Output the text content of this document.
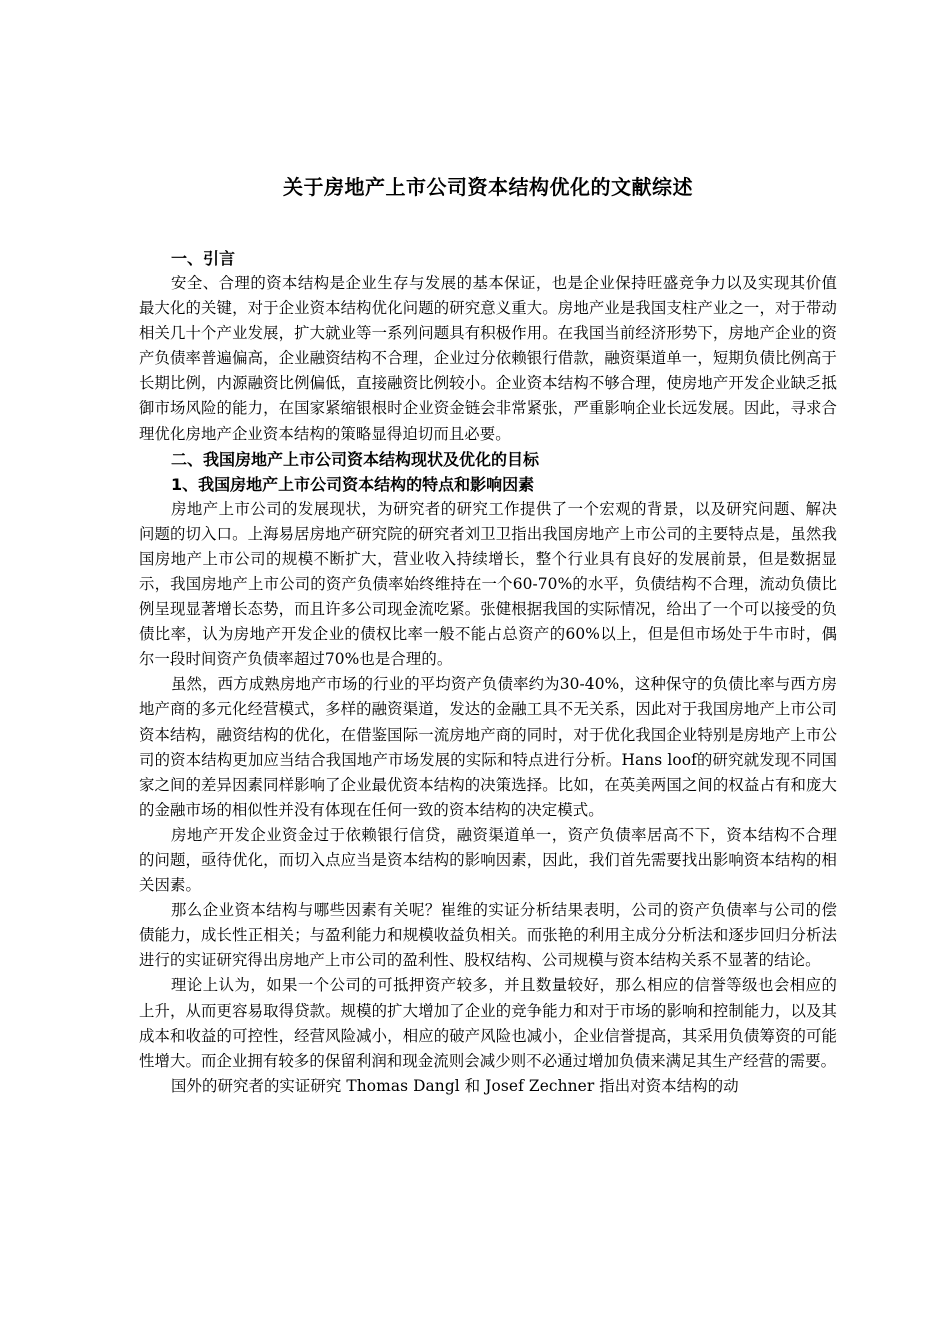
关于房地产上市公司资本结构优化的文献综述

一、引言

安全、合理的资本结构是企业生存与发展的基本保证，也是企业保持旺盛竞争力以及实现其价值最大化的关键，对于企业资本结构优化问题的研究意义重大。房地产业是我国支柱产业之一，对于带动相关几十个产业发展，扩大就业等一系列问题具有积极作用。在我国当前经济形势下，房地产企业的资产负债率普遍偏高，企业融资结构不合理，企业过分依赖银行借款，融资渠道单一，短期负债比例高于长期比例，内源融资比例偏低，直接融资比例较小。企业资本结构不够合理，使房地产开发企业缺乏抵御市场风险的能力，在国家紧缩银根时企业资金链会非常紧张，严重影响企业长远发展。因此，寻求合理优化房地产企业资本结构的策略显得迫切而且必要。

二、我国房地产上市公司资本结构现状及优化的目标

1、我国房地产上市公司资本结构的特点和影响因素

房地产上市公司的发展现状，为研究者的研究工作提供了一个宏观的背景，以及研究问题、解决问题的切入口。上海易居房地产研究院的研究者刘卫卫指出我国房地产上市公司的主要特点是，虽然我国房地产上市公司的规模不断扩大，营业收入持续增长，整个行业具有良好的发展前景，但是数据显示，我国房地产上市公司的资产负债率始终维持在一个60-70%的水平，负债结构不合理，流动负债比例呈现显著增长态势，而且许多公司现金流吃紧。张健根据我国的实际情况，给出了一个可以接受的负债比率，认为房地产开发企业的债权比率一般不能占总资产的60%以上，但是但市场处于牛市时，偶尔一段时间资产负债率超过70%也是合理的。

虽然，西方成熟房地产市场的行业的平均资产负债率约为30-40%，这种保守的负债比率与西方房地产商的多元化经营模式，多样的融资渠道，发达的金融工具不无关系，因此对于我国房地产上市公司资本结构，融资结构的优化，在借鉴国际一流房地产商的同时，对于优化我国企业特别是房地产上市公司的资本结构更加应当结合我国地产市场发展的实际和特点进行分析。Hans loof的研究就发现不同国家之间的差异因素同样影响了企业最优资本结构的决策选择。比如，在英美两国之间的权益占有和庞大的金融市场的相似性并没有体现在任何一致的资本结构的决定模式。

房地产开发企业资金过于依赖银行信贷，融资渠道单一，资产负债率居高不下，资本结构不合理的问题，亟待优化，而切入点应当是资本结构的影响因素，因此，我们首先需要找出影响资本结构的相关因素。

那么企业资本结构与哪些因素有关呢？崔维的实证分析结果表明，公司的资产负债率与公司的偿债能力，成长性正相关；与盈利能力和规模收益负相关。而张艳的利用主成分分析法和逐步回归分析法进行的实证研究得出房地产上市公司的盈利性、股权结构、公司规模与资本结构关系不显著的结论。

理论上认为，如果一个公司的可抵押资产较多，并且数量较好，那么相应的信誉等级也会相应的上升，从而更容易取得贷款。规模的扩大增加了企业的竞争能力和对于市场的影响和控制能力，以及其成本和收益的可控性，经营风险减小，相应的破产风险也减小，企业信誉提高，其采用负债筹资的可能性增大。而企业拥有较多的保留利润和现金流则会减少则不必通过增加负债来满足其生产经营的需要。

国外的研究者的实证研究 Thomas Dangl 和 Josef Zechner 指出对资本结构的动
